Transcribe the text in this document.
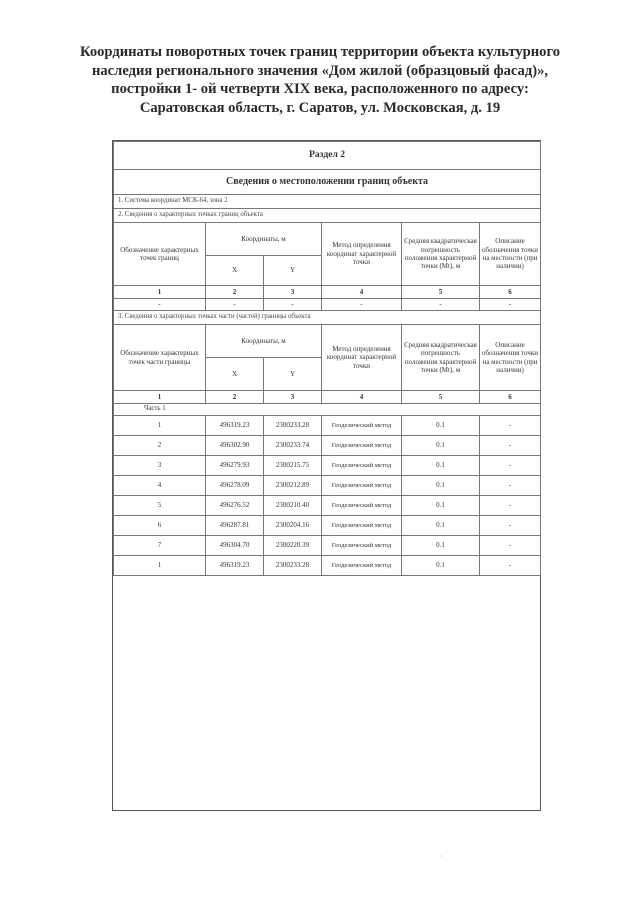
Координаты поворотных точек границ территории объекта культурного
наследия регионального значения «Дом жилой (образцовый фасад)»,
постройки 1- ой четверти XIX века, расположенного по адресу:
Саратовская область, г. Саратов, ул. Московская, д. 19
Раздел 2					
Сведения о местоположении границ объекта					
1. Система координат МСК-64, зона 2					
2. Сведения о характерных точках границ объекта					
Обозначение характерных точек границ	Координаты, м		Метод определения координат характерной точки	Средняя квадратическая погрешность положения характерной точки (Мt), м	Описание обозначения точки на местности (при наличии)
	X	Y			
1	2	3	4	5	6
-	-	-	-	-	-
3. Сведения о характерных точках части (частей) границы объекта					
Обозначение характерных точек части границы	Координаты, м		Метод определения координат характерной точки	Средняя квадратическая погрешность положения характерной точки (Мt), м	Описание обозначения точки на местности (при наличии)
	X	Y			
1	2	3	4	5	6
Часть 1					
1	496319.23	2300233.28	Геодезический метод	0.1	-
2	496302.90	2300233.74	Геодезический метод	0.1	-
3	496279.93	2300215.75	Геодезический метод	0.1	-
4	496278.09	2300212.89	Геодезический метод	0.1	-
5	496276.52	2300210.40	Геодезический метод	0.1	-
6	496287.81	2300204.16	Геодезический метод	0.1	-
7	496304.70	2300220.39	Геодезический метод	0.1	-
1	496319.23	2300233.28	Геодезический метод	0.1	-
·
